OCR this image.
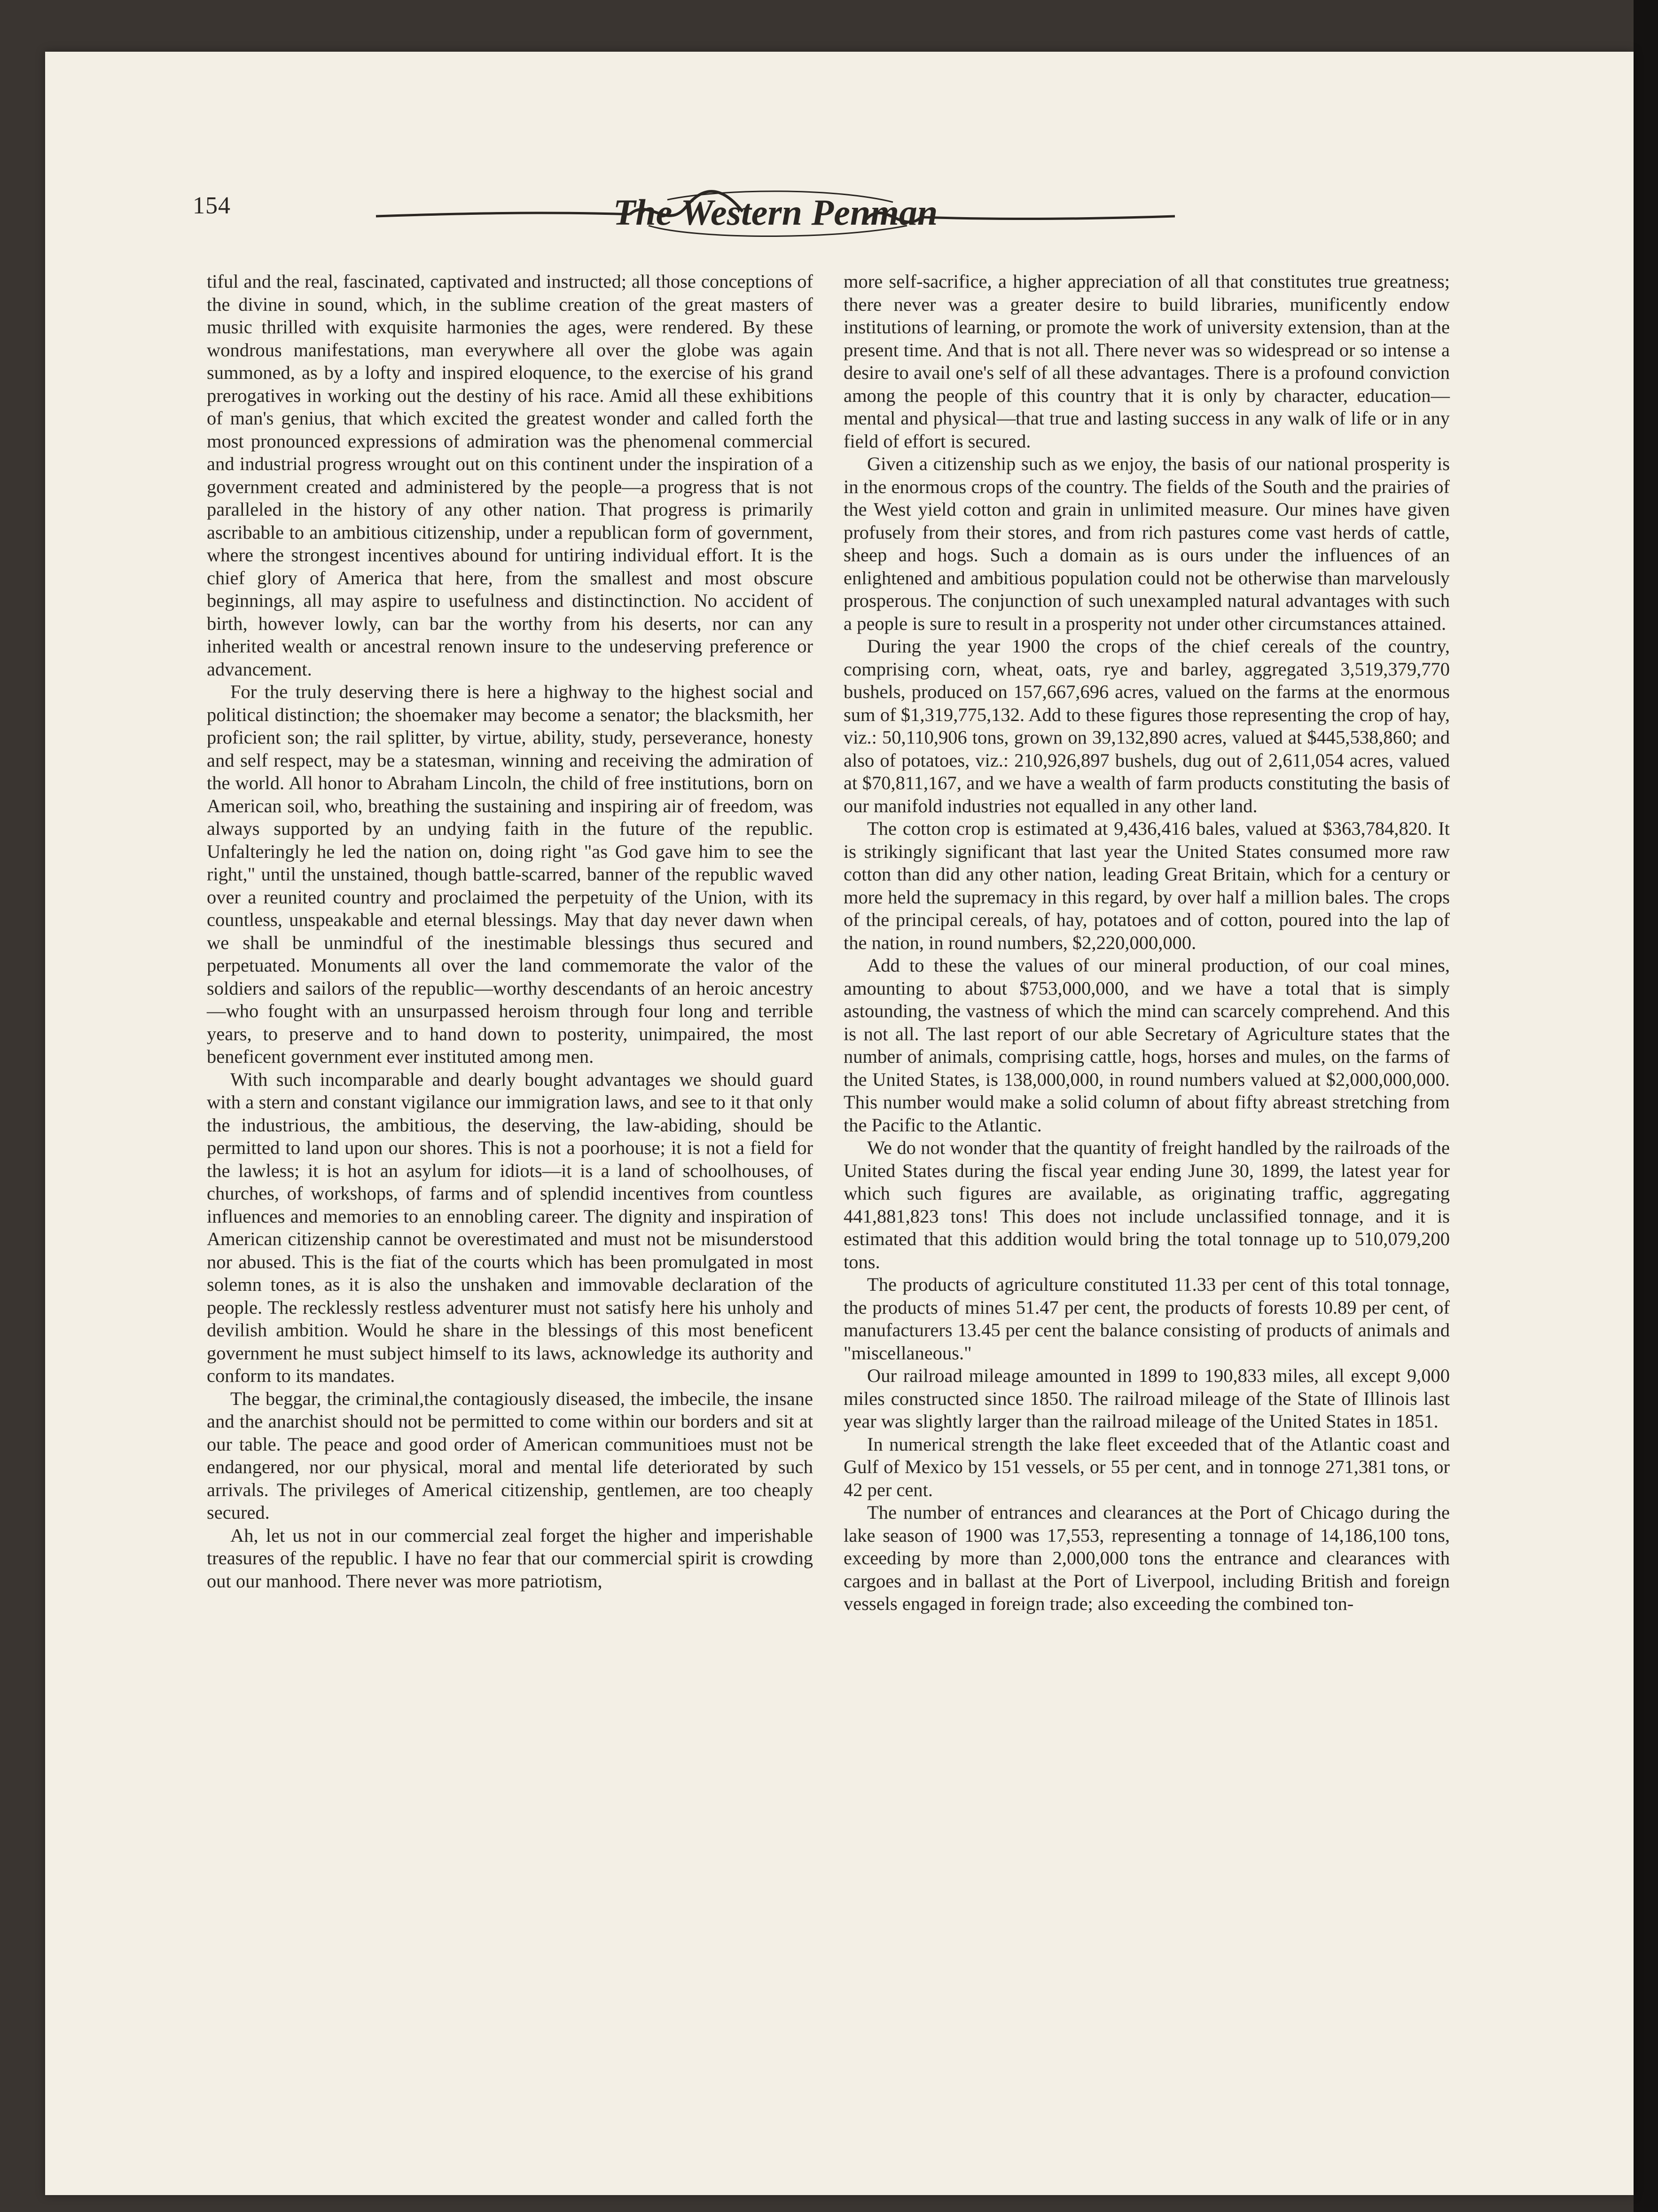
154	The Western Penman

tiful and the real, fascinated, captivated and instructed; all those conceptions of the divine in sound, which, in the sublime creation of the great masters of music thrilled with exquisite harmonies the ages, were rendered. By these wondrous manifestations, man everywhere all over the globe was again summoned, as by a lofty and inspired eloquence, to the exercise of his grand prerogatives in working out the destiny of his race. Amid all these exhibitions of man's genius, that which excited the greatest wonder and called forth the most pronounced expressions of admiration was the phenomenal commercial and industrial progress wrought out on this continent under the inspiration of a government created and administered by the people—a progress that is not paralleled in the history of any other nation. That progress is primarily ascribable to an ambitious citizenship, under a republican form of government, where the strongest incentives abound for untiring individual effort. It is the chief glory of America that here, from the smallest and most obscure beginnings, all may aspire to usefulness and distinctinction. No accident of birth, however lowly, can bar the worthy from his deserts, nor can any inherited wealth or ancestral renown insure to the undeserving preference or advancement.

For the truly deserving there is here a highway to the highest social and political distinction; the shoemaker may become a senator; the blacksmith, her proficient son; the rail splitter, by virtue, ability, study, perseverance, honesty and self respect, may be a statesman, winning and receiving the admiration of the world. All honor to Abraham Lincoln, the child of free institutions, born on American soil, who, breathing the sustaining and inspiring air of freedom, was always supported by an undying faith in the future of the republic. Unfalteringly he led the nation on, doing right "as God gave him to see the right," until the unstained, though battle-scarred, banner of the republic waved over a reunited country and proclaimed the perpetuity of the Union, with its countless, unspeakable and eternal blessings. May that day never dawn when we shall be unmindful of the inestimable blessings thus secured and perpetuated. Monuments all over the land commemorate the valor of the soldiers and sailors of the republic—worthy descendants of an heroic ancestry—who fought with an unsurpassed heroism through four long and terrible years, to preserve and to hand down to posterity, unimpaired, the most beneficent government ever instituted among men.

With such incomparable and dearly bought advantages we should guard with a stern and constant vigilance our immigration laws, and see to it that only the industrious, the ambitious, the deserving, the law-abiding, should be permitted to land upon our shores. This is not a poorhouse; it is not a field for the lawless; it is hot an asylum for idiots—it is a land of schoolhouses, of churches, of workshops, of farms and of splendid incentives from countless influences and memories to an ennobling career. The dignity and inspiration of American citizenship cannot be overestimated and must not be misunderstood nor abused. This is the fiat of the courts which has been promulgated in most solemn tones, as it is also the unshaken and immovable declaration of the people. The recklessly restless adventurer must not satisfy here his unholy and devilish ambition. Would he share in the blessings of this most beneficent government he must subject himself to its laws, acknowledge its authority and conform to its mandates.

The beggar, the criminal,the contagiously diseased, the imbecile, the insane and the anarchist should not be permitted to come within our borders and sit at our table. The peace and good order of American communitioes must not be endangered, nor our physical, moral and mental life deteriorated by such arrivals. The privileges of Americal citizenship, gentlemen, are too cheaply secured.

Ah, let us not in our commercial zeal forget the higher and imperishable treasures of the republic. I have no fear that our commercial spirit is crowding out our manhood. There never was more patriotism,

more self-sacrifice, a higher appreciation of all that constitutes true greatness; there never was a greater desire to build libraries, munificently endow institutions of learning, or promote the work of university extension, than at the present time. And that is not all. There never was so widespread or so intense a desire to avail one's self of all these advantages. There is a profound conviction among the people of this country that it is only by character, education—mental and physical—that true and lasting success in any walk of life or in any field of effort is secured.

Given a citizenship such as we enjoy, the basis of our national prosperity is in the enormous crops of the country. The fields of the South and the prairies of the West yield cotton and grain in unlimited measure. Our mines have given profusely from their stores, and from rich pastures come vast herds of cattle, sheep and hogs. Such a domain as is ours under the influences of an enlightened and ambitious population could not be otherwise than marvelously prosperous. The conjunction of such unexampled natural advantages with such a people is sure to result in a prosperity not under other circumstances attained.

During the year 1900 the crops of the chief cereals of the country, comprising corn, wheat, oats, rye and barley, aggregated 3,519,379,770 bushels, produced on 157,667,696 acres, valued on the farms at the enormous sum of $1,319,775,132. Add to these figures those representing the crop of hay, viz.: 50,110,906 tons, grown on 39,132,890 acres, valued at $445,538,860; and also of potatoes, viz.: 210,926,897 bushels, dug out of 2,611,054 acres, valued at $70,811,167, and we have a wealth of farm products constituting the basis of our manifold industries not equalled in any other land.

The cotton crop is estimated at 9,436,416 bales, valued at $363,784,820. It is strikingly significant that last year the United States consumed more raw cotton than did any other nation, leading Great Britain, which for a century or more held the supremacy in this regard, by over half a million bales. The crops of the principal cereals, of hay, potatoes and of cotton, poured into the lap of the nation, in round numbers, $2,220,000,000.

Add to these the values of our mineral production, of our coal mines, amounting to about $753,000,000, and we have a total that is simply astounding, the vastness of which the mind can scarcely comprehend. And this is not all. The last report of our able Secretary of Agriculture states that the number of animals, comprising cattle, hogs, horses and mules, on the farms of the United States, is 138,000,000, in round numbers valued at $2,000,000,000. This number would make a solid column of about fifty abreast stretching from the Pacific to the Atlantic.

We do not wonder that the quantity of freight handled by the railroads of the United States during the fiscal year ending June 30, 1899, the latest year for which such figures are available, as originating traffic, aggregating 441,881,823 tons! This does not include unclassified tonnage, and it is estimated that this addition would bring the total tonnage up to 510,079,200 tons.

The products of agriculture constituted 11.33 per cent of this total tonnage, the products of mines 51.47 per cent, the products of forests 10.89 per cent, of manufacturers 13.45 per cent the balance consisting of products of animals and "miscellaneous."

Our railroad mileage amounted in 1899 to 190,833 miles, all except 9,000 miles constructed since 1850. The railroad mileage of the State of Illinois last year was slightly larger than the railroad mileage of the United States in 1851.

In numerical strength the lake fleet exceeded that of the Atlantic coast and Gulf of Mexico by 151 vessels, or 55 per cent, and in tonnoge 271,381 tons, or 42 per cent.

The number of entrances and clearances at the Port of Chicago during the lake season of 1900 was 17,553, representing a tonnage of 14,186,100 tons, exceeding by more than 2,000,000 tons the entrance and clearances with cargoes and in ballast at the Port of Liverpool, including British and foreign vessels engaged in foreign trade; also exceeding the combined ton-
